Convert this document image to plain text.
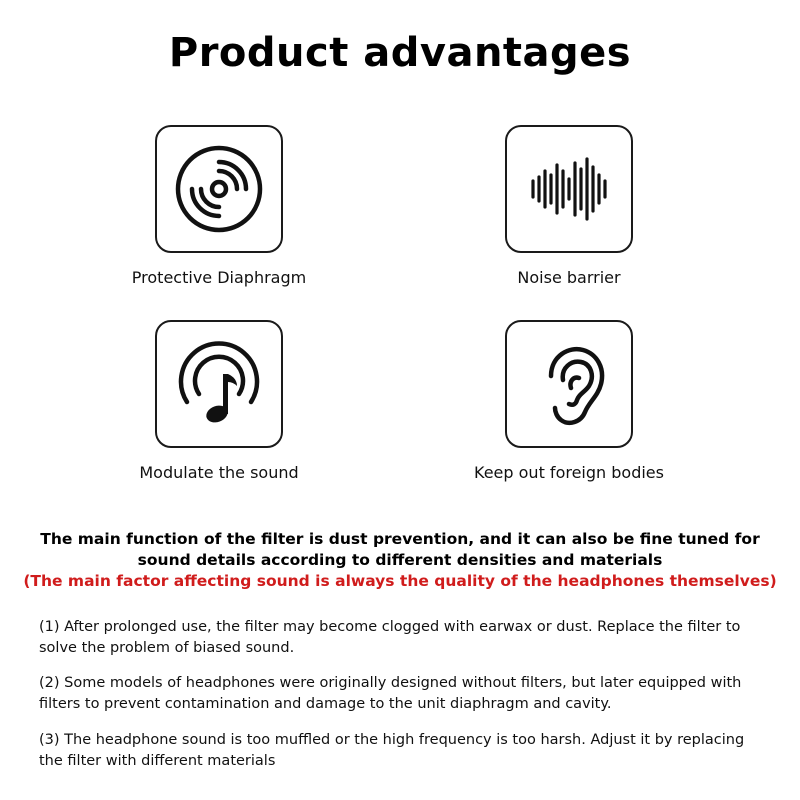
Product advantages
Protective Diaphragm	Noise barrier
Modulate the sound	Keep out foreign bodies
The main function of the filter is dust prevention, and it can also be fine tuned for sound details according to different densities and materials
(The main factor affecting sound is always the quality of the headphones themselves)
(1) After prolonged use, the filter may become clogged with earwax or dust. Replace the filter to solve the problem of biased sound.
(2) Some models of headphones were originally designed without filters, but later equipped with filters to prevent contamination and damage to the unit diaphragm and cavity.
(3) The headphone sound is too muffled or the high frequency is too harsh. Adjust it by replacing the filter with different materials
